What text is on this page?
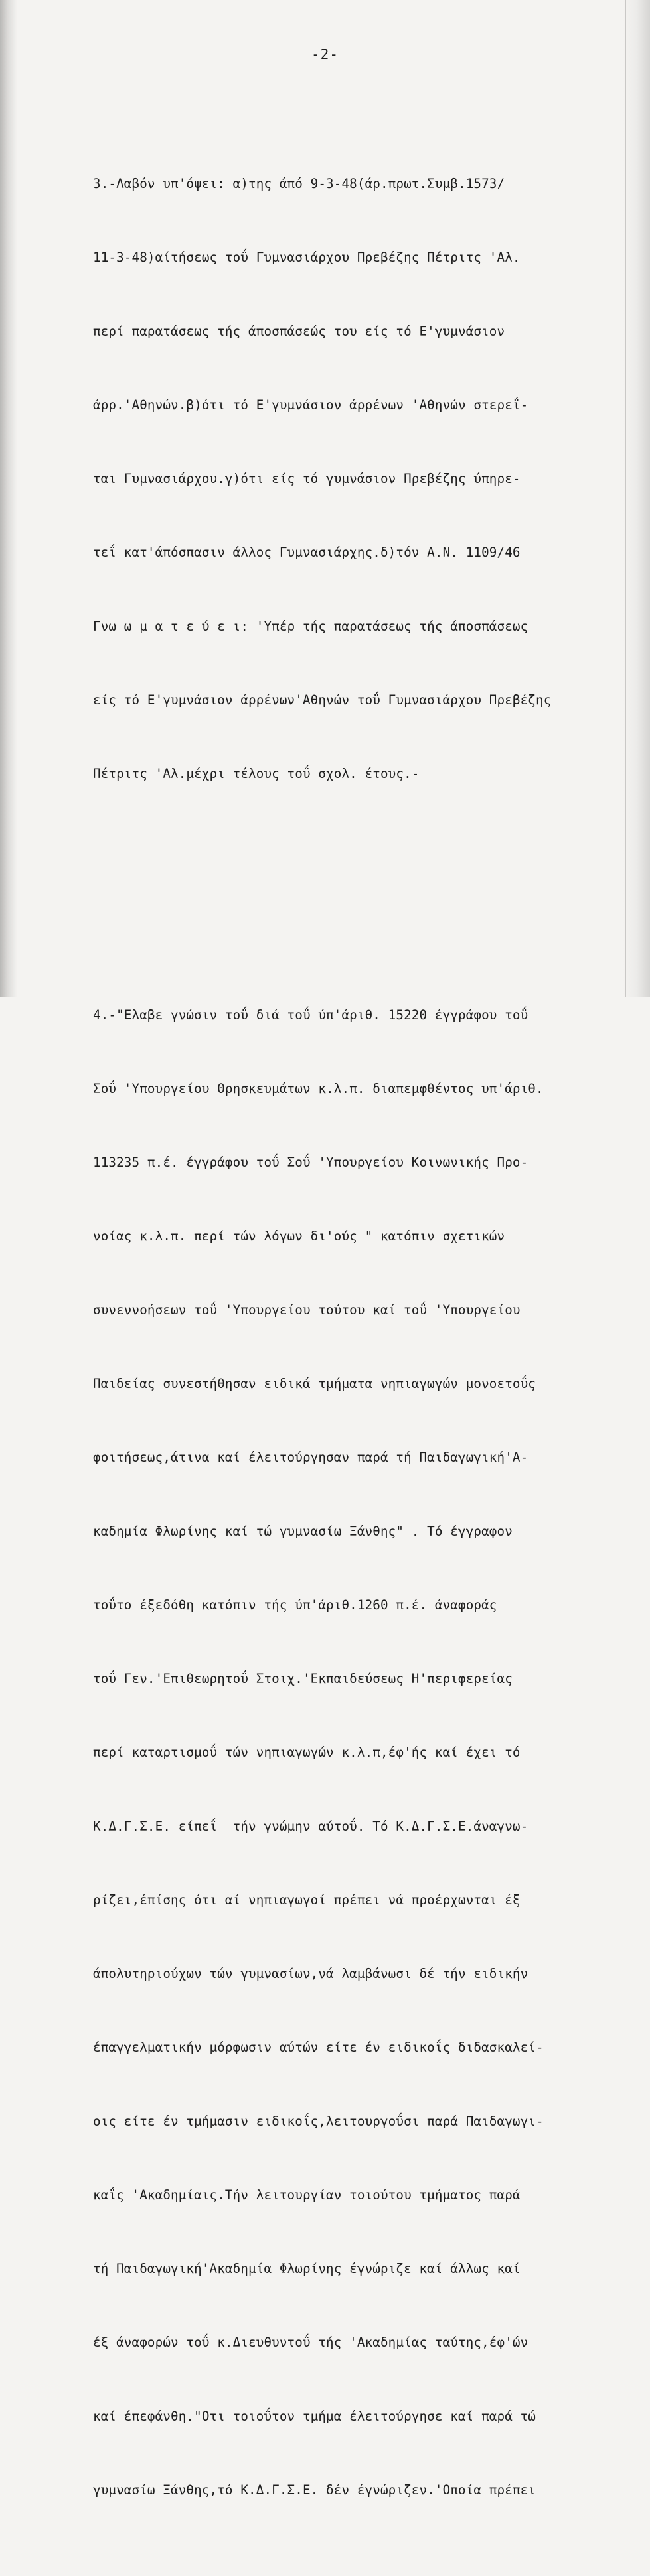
-2-

3.-Λαβόν υπ'όψει: α)της άπό 9-3-48(άρ.πρωτ.Συμβ.1573/

11-3-48)αίτήσεως τοΰ Γυμνασιάρχου Πρεβέζης Πέτριτς 'Αλ.

περί παρατάσεως τής άποσπάσεώς του είς τό Ε'γυμνάσιον

άρρ.'Αθηνών.β)ότι τό Ε'γυμνάσιον άρρένων 'Αθηνών στερεΐ-

ται Γυμνασιάρχου.γ)ότι είς τό γυμνάσιον Πρεβέζης ύπηρε-

τεΐ κατ'άπόσπασιν άλλος Γυμνασιάρχης.δ)τόν Α.Ν. 1109/46

Γνω ω μ α τ ε ύ ε ι: 'Υπέρ τής παρατάσεως τής άποσπάσεως

είς τό Ε'γυμνάσιον άρρένων'Αθηνών τοΰ Γυμνασιάρχου Πρεβέζης

Πέτριτς 'Αλ.μέχρι τέλους τοΰ σχολ. έτους.-

4.-"Ελαβε γνώσιν τοΰ διά τοΰ ύπ'άριθ. 15220 έγγράφου τοΰ

Σοΰ 'Υπουργείου Θρησκευμάτων κ.λ.π. διαπεμφθέντος υπ'άριθ.

113235 π.έ. έγγράφου τοΰ Σοΰ 'Υπουργείου Κοινωνικής Προ-

νοίας κ.λ.π. περί τών λόγων δι'ούς " κατόπιν σχετικών

συνεννοήσεων τοΰ 'Υπουργείου τούτου καί τοΰ 'Υπουργείου

Παιδείας συνεστήθησαν ειδικά τμήματα νηπιαγωγών μονοετοΰς

φοιτήσεως,άτινα καί έλειτούργησαν παρά τή Παιδαγωγική'Α-

καδημία Φλωρίνης καί τώ γυμνασίω Ξάνθης" . Τό έγγραφον

τοΰτο έξεδόθη κατόπιν τής ύπ'άριθ.1260 π.έ. άναφοράς

τοΰ Γεν.'Επιθεωρητοΰ Στοιχ.'Εκπαιδεύσεως Η'περιφερείας

περί καταρτισμοΰ τών νηπιαγωγών κ.λ.π,έφ'ής καί έχει τό

Κ.Δ.Γ.Σ.Ε. είπεΐ  τήν γνώμην αύτοΰ. Τό Κ.Δ.Γ.Σ.Ε.άναγνω-

ρίζει,έπίσης ότι αί νηπιαγωγοί πρέπει νά προέρχωνται έξ

άπολυτηριούχων τών γυμνασίων,νά λαμβάνωσι δέ τήν ειδικήν

έπαγγελματικήν μόρφωσιν αύτών είτε έν ειδικοΐς διδασκαλεί-

οις είτε έν τμήμασιν ειδικοΐς,λειτουργοΰσι παρά Παιδαγωγι-

καΐς 'Ακαδημίαις.Τήν λειτουργίαν τοιούτου τμήματος παρά

τή Παιδαγωγική'Ακαδημία Φλωρίνης έγνώριζε καί άλλως καί

έξ άναφορών τοΰ κ.Διευθυντοΰ τής 'Ακαδημίας ταύτης,έφ'ών

καί έπεφάνθη."Οτι τοιοΰτον τμήμα έλειτούργησε καί παρά τώ

γυμνασίω Ξάνθης,τό Κ.Δ.Γ.Σ.Ε. δέν έγνώριζεν.'Οποία πρέπει
